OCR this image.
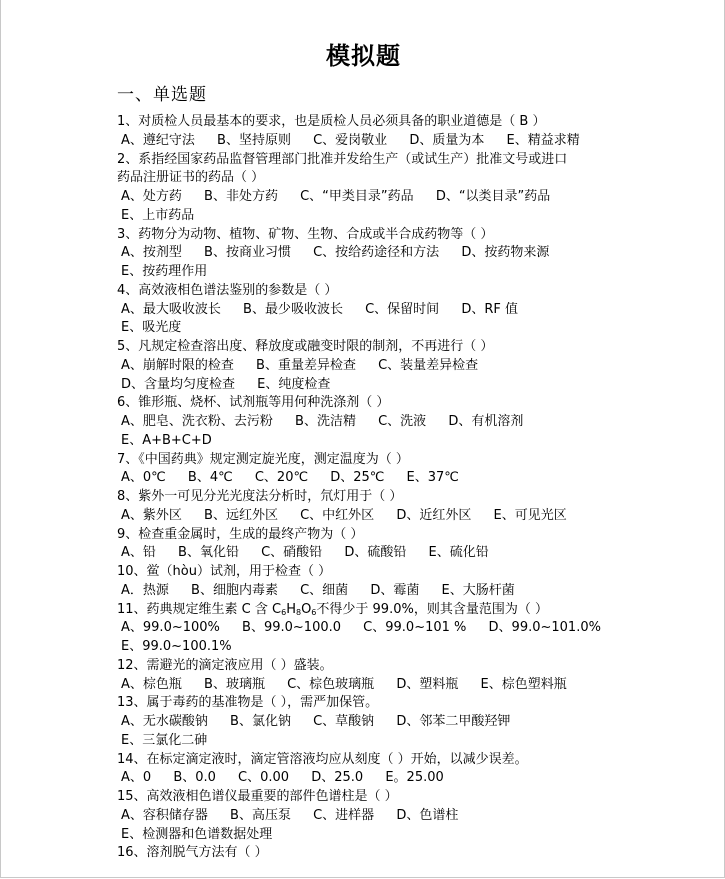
模拟题
一、单选题
1、对质检人员最基本的要求，也是质检人员必须具备的职业道德是（ B ）
A、遵纪守法 B、坚持原则 C、爱岗敬业 D、质量为本 E、精益求精
2、系指经国家药品监督管理部门批准并发给生产（或试生产）批准文号或进口
药品注册证书的药品（ ）
A、处方药 B、非处方药 C、“甲类目录”药品 D、“以类目录”药品
E、上市药品
3、药物分为动物、植物、矿物、生物、合成或半合成药物等（ ）
A、按剂型 B、按商业习惯 C、按给药途径和方法 D、按药物来源
E、按药理作用
4、高效液相色谱法鉴别的参数是（ ）
A、最大吸收波长 B、最少吸收波长 C、保留时间 D、RF 值
E、吸光度
5、凡规定检查溶出度、释放度或融变时限的制剂，不再进行（ ）
A、崩解时限的检查 B、重量差异检查 C、装量差异检查
D、含量均匀度检查 E、纯度检查
6、锥形瓶、烧杯、试剂瓶等用何种洗涤剂（ ）
A、肥皂、洗衣粉、去污粉 B、洗洁精 C、洗液 D、有机溶剂
E、A+B+C+D
7、《中国药典》规定测定旋光度，测定温度为（ ）
A、0℃ B、4℃ C、20℃ D、25℃ E、37℃
8、紫外一可见分光光度法分析时，氘灯用于（ ）
A、紫外区 B、远红外区 C、中红外区 D、近红外区 E、可见光区
9、检查重金属时，生成的最终产物为（ ）
A、铅 B、氧化铅 C、硝酸铅 D、硫酸铅 E、硫化铅
10、鲎（hòu）试剂，用于检查（ ）
A．热源 B、细胞内毒素 C、细菌 D、霉菌 E、大肠杆菌
11、药典规定维生素 C 含 $C_6H_8O_6$不得少于 99.0%，则其含量范围为（ ）
A、99.0~100% B、99.0~100.0 C、99.0~101 % D、99.0~101.0%
E、99.0~100.1%
12、需避光的滴定液应用（ ）盛装。
A、棕色瓶 B、玻璃瓶 C、棕色玻璃瓶 D、塑料瓶 E、棕色塑料瓶
13、属于毒药的基准物是（ ），需严加保管。
A、无水碳酸钠 B、氯化钠 C、草酸钠 D、邻苯二甲酸羟钾
E、三氯化二砷
14、在标定滴定液时，滴定管溶液均应从刻度（ ）开始，以减少误差。
A、0 B、0.0 C、0.00 D、25.0 E。25.00
15、高效液相色谱仪最重要的部件色谱柱是（ ）
A、容积储存器 B、高压泵 C、进样器 D、色谱柱
E、检测器和色谱数据处理
16、溶剂脱气方法有（ ）
